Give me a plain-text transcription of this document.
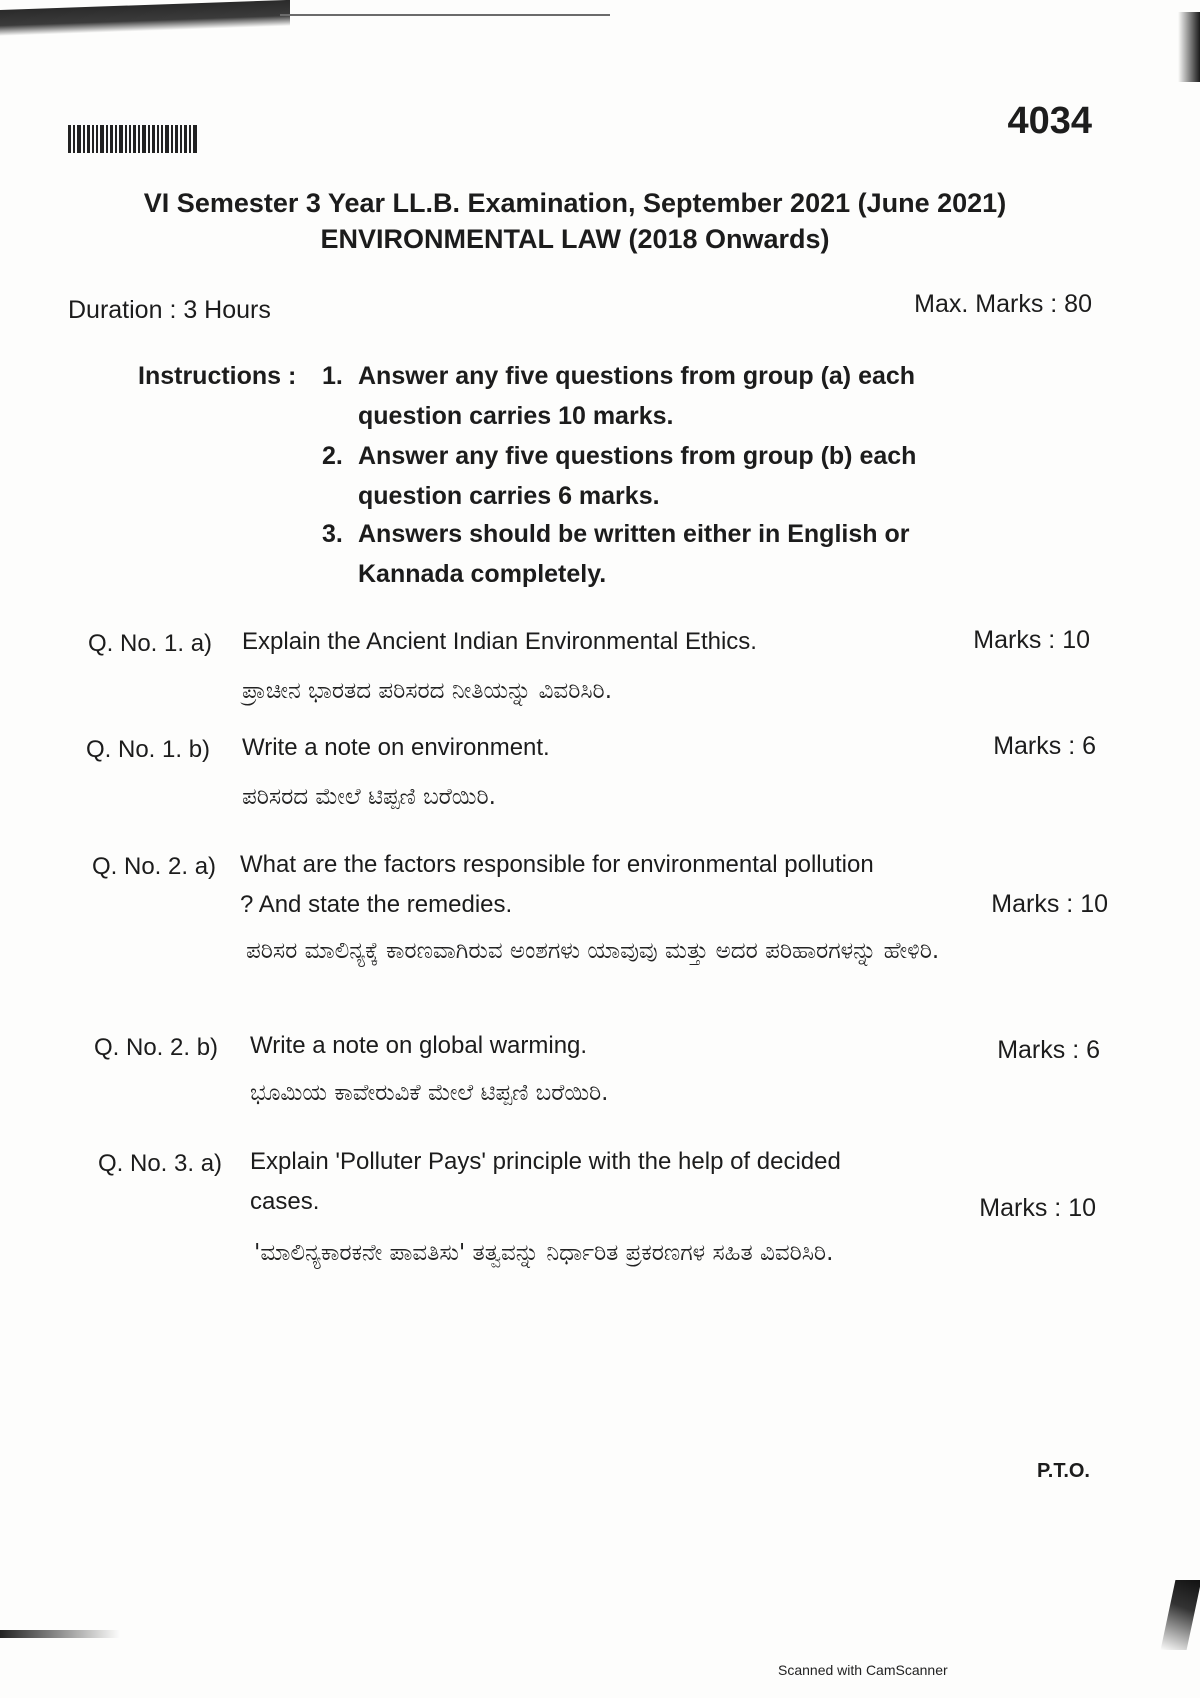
4034
VI Semester 3 Year LL.B. Examination, September 2021 (June 2021)
ENVIRONMENTAL LAW (2018 Onwards)
Duration : 3 Hours	Max. Marks : 80
Instructions : 1. Answer any five questions from group (a) each question carries 10 marks.
2. Answer any five questions from group (b) each question carries 6 marks.
3. Answers should be written either in English or Kannada completely.
Q. No. 1. a) Explain the Ancient Indian Environmental Ethics.	Marks : 10
ಪ್ರಾಚೀನ ಭಾರತದ ಪರಿಸರದ ನೀತಿಯನ್ನು ವಿವರಿಸಿರಿ.
Q. No. 1. b) Write a note on environment.	Marks : 6
ಪರಿಸರದ ಮೇಲೆ ಟಿಪ್ಪಣಿ ಬರೆಯಿರಿ.
Q. No. 2. a) What are the factors responsible for environmental pollution ? And state the remedies.	Marks : 10
ಪರಿಸರ ಮಾಲಿನ್ಯಕ್ಕೆ ಕಾರಣವಾಗಿರುವ ಅಂಶಗಳು ಯಾವುವು ಮತ್ತು ಅದರ ಪರಿಹಾರಗಳನ್ನು ಹೇಳಿರಿ.
Q. No. 2. b) Write a note on global warming.	Marks : 6
ಭೂಮಿಯ ಕಾವೇರುವಿಕೆ ಮೇಲೆ ಟಿಪ್ಪಣಿ ಬರೆಯಿರಿ.
Q. No. 3. a) Explain 'Polluter Pays' principle with the help of decided cases.	Marks : 10
'ಮಾಲಿನ್ಯಕಾರಕನೇ ಪಾವತಿಸು' ತತ್ವವನ್ನು ನಿರ್ಧಾರಿತ ಪ್ರಕರಣಗಳ ಸಹಿತ ವಿವರಿಸಿರಿ.
P.T.O.
Scanned with CamScanner
